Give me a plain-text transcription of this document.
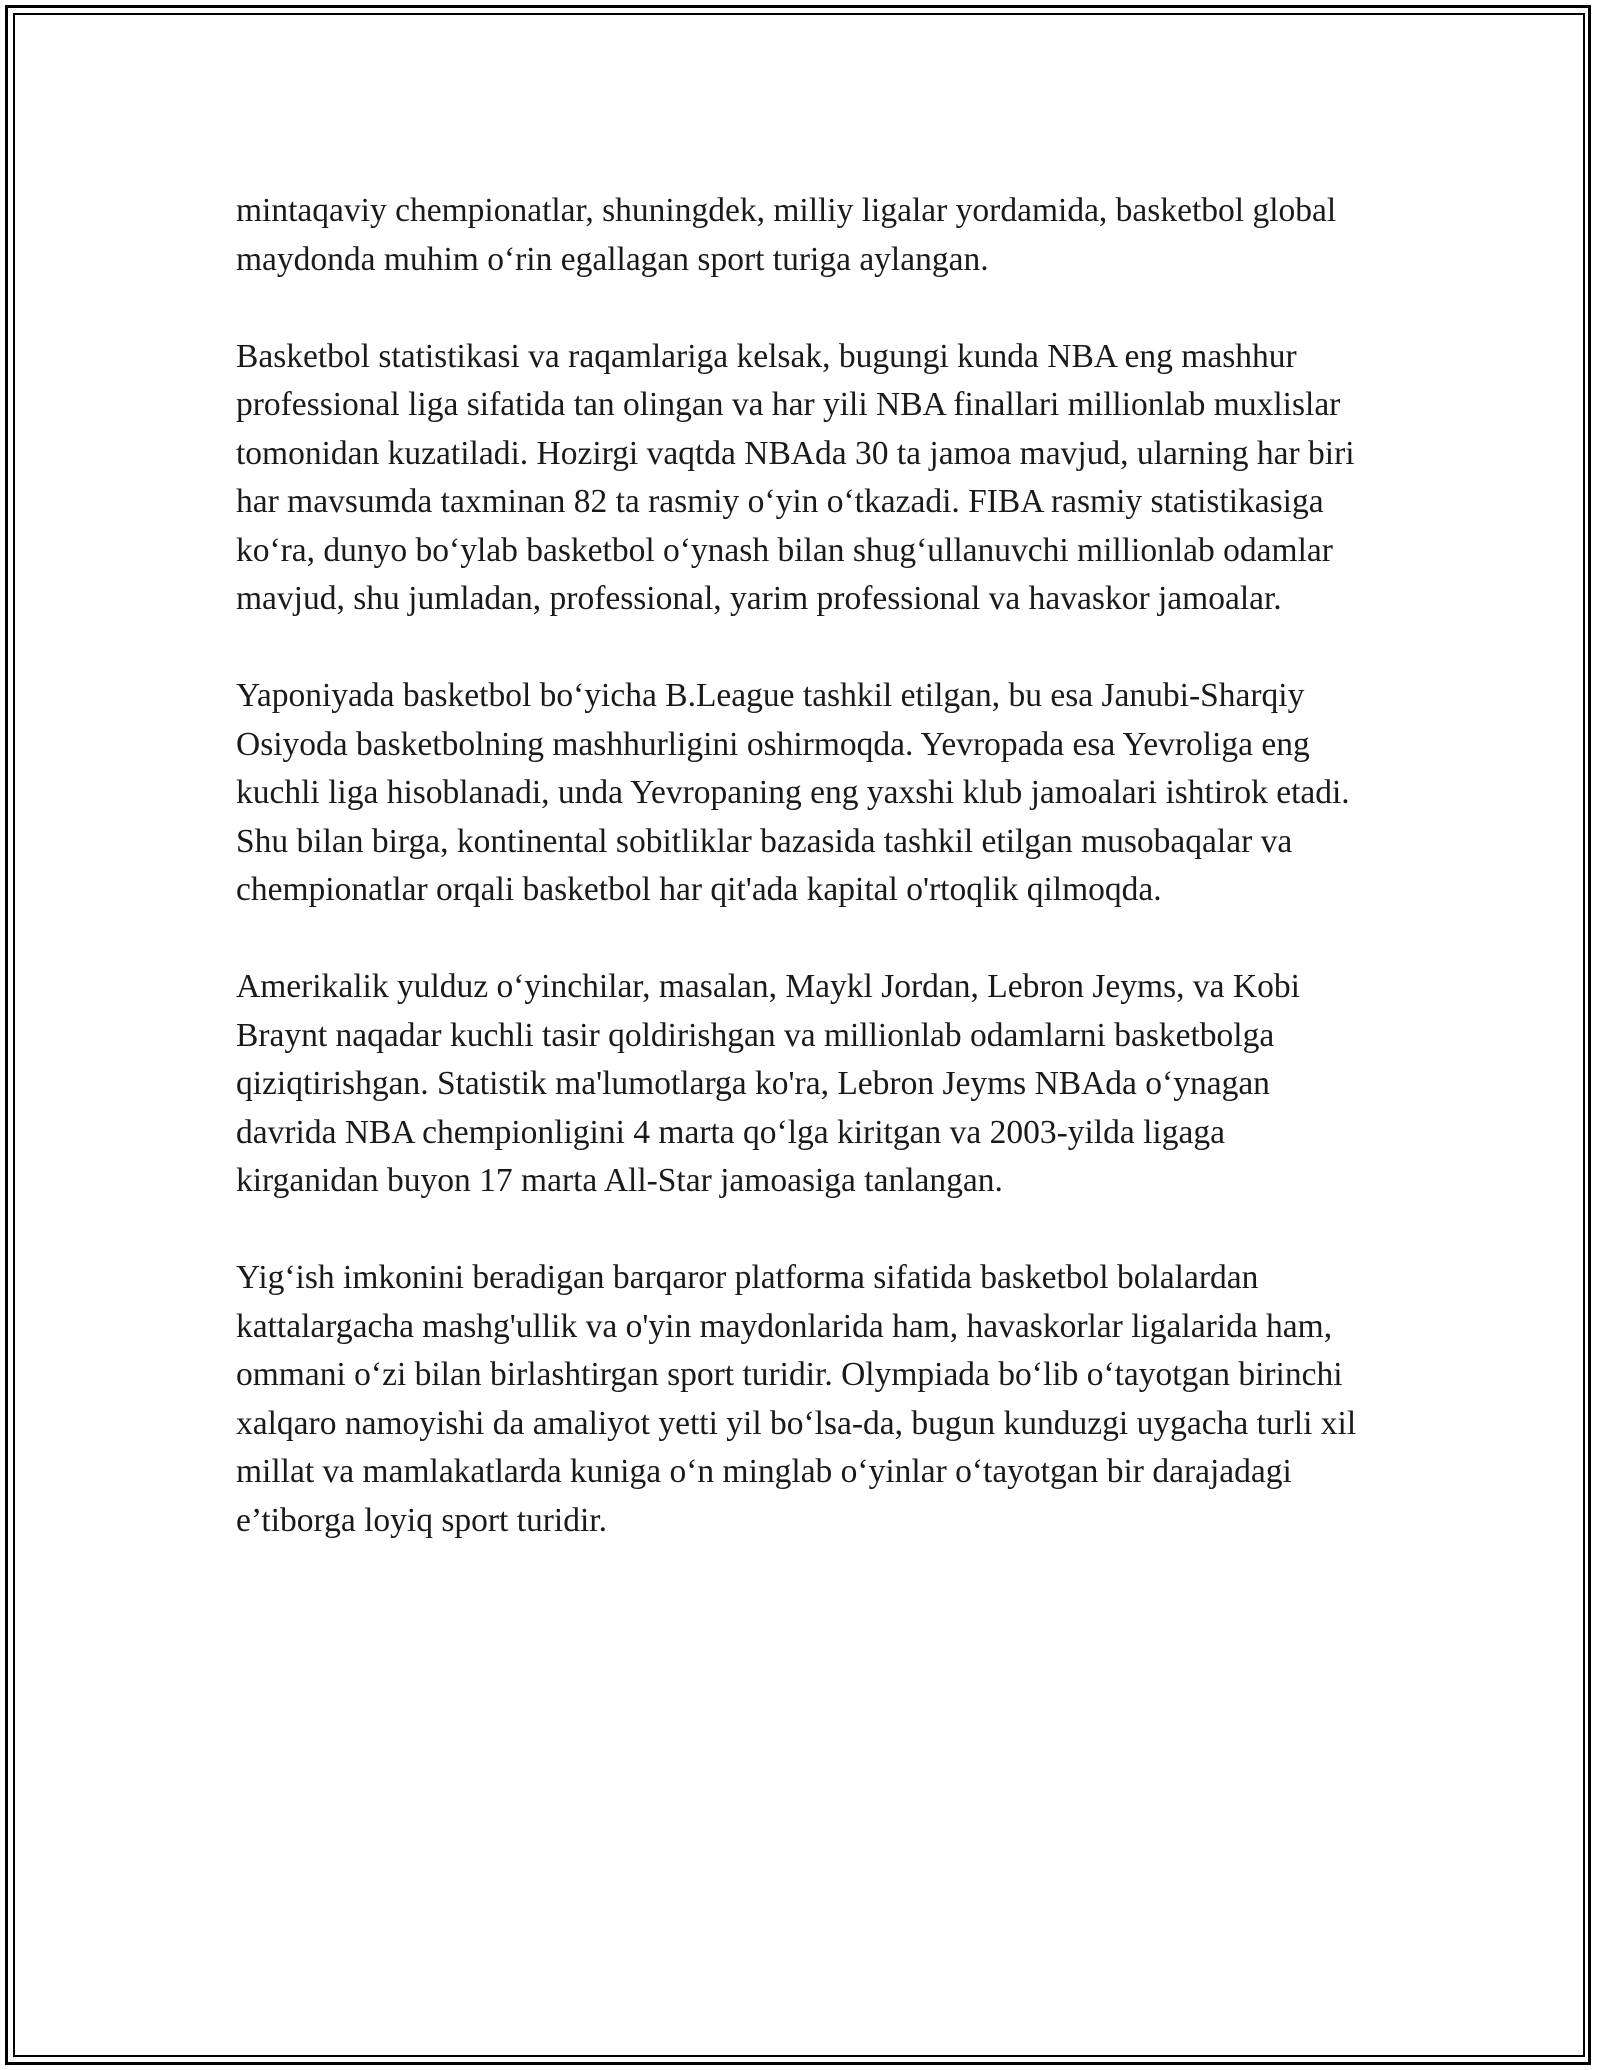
mintaqaviy chempionatlar, shuningdek, milliy ligalar yordamida, basketbol global maydonda muhim o‘rin egallagan sport turiga aylangan.

Basketbol statistikasi va raqamlariga kelsak, bugungi kunda NBA eng mashhur professional liga sifatida tan olingan va har yili NBA finallari millionlab muxlislar tomonidan kuzatiladi. Hozirgi vaqtda NBAda 30 ta jamoa mavjud, ularning har biri har mavsumda taxminan 82 ta rasmiy o‘yin o‘tkazadi. FIBA rasmiy statistikasiga ko‘ra, dunyo bo‘ylab basketbol o‘ynash bilan shug‘ullanuvchi millionlab odamlar mavjud, shu jumladan, professional, yarim professional va havaskor jamoalar.

Yaponiyada basketbol bo‘yicha B.League tashkil etilgan, bu esa Janubi-Sharqiy Osiyoda basketbolning mashhurligini oshirmoqda. Yevropada esa Yevroliga eng kuchli liga hisoblanadi, unda Yevropaning eng yaxshi klub jamoalari ishtirok etadi. Shu bilan birga, kontinental sobitliklar bazasida tashkil etilgan musobaqalar va chempionatlar orqali basketbol har qit'ada kapital o'rtoqlik qilmoqda.

Amerikalik yulduz o‘yinchilar, masalan, Maykl Jordan, Lebron Jeyms, va Kobi Braynt naqadar kuchli tasir qoldirishgan va millionlab odamlarni basketbolga qiziqtirishgan. Statistik ma'lumotlarga ko'ra, Lebron Jeyms NBAda o‘ynagan davrida NBA chempionligini 4 marta qo‘lga kiritgan va 2003-yilda ligaga kirganidan buyon 17 marta All-Star jamoasiga tanlangan.

Yig‘ish imkonini beradigan barqaror platforma sifatida basketbol bolalardan kattalargacha mashg'ullik va o'yin maydonlarida ham, havaskorlar ligalarida ham, ommani o‘zi bilan birlashtirgan sport turidir. Olympiada bo‘lib o‘tayotgan birinchi xalqaro namoyishi da amaliyot yetti yil bo‘lsa-da, bugun kunduzgi uygacha turli xil millat va mamlakatlarda kuniga o‘n minglab o‘yinlar o‘tayotgan bir darajadagi e’tiborga loyiq sport turidir.
